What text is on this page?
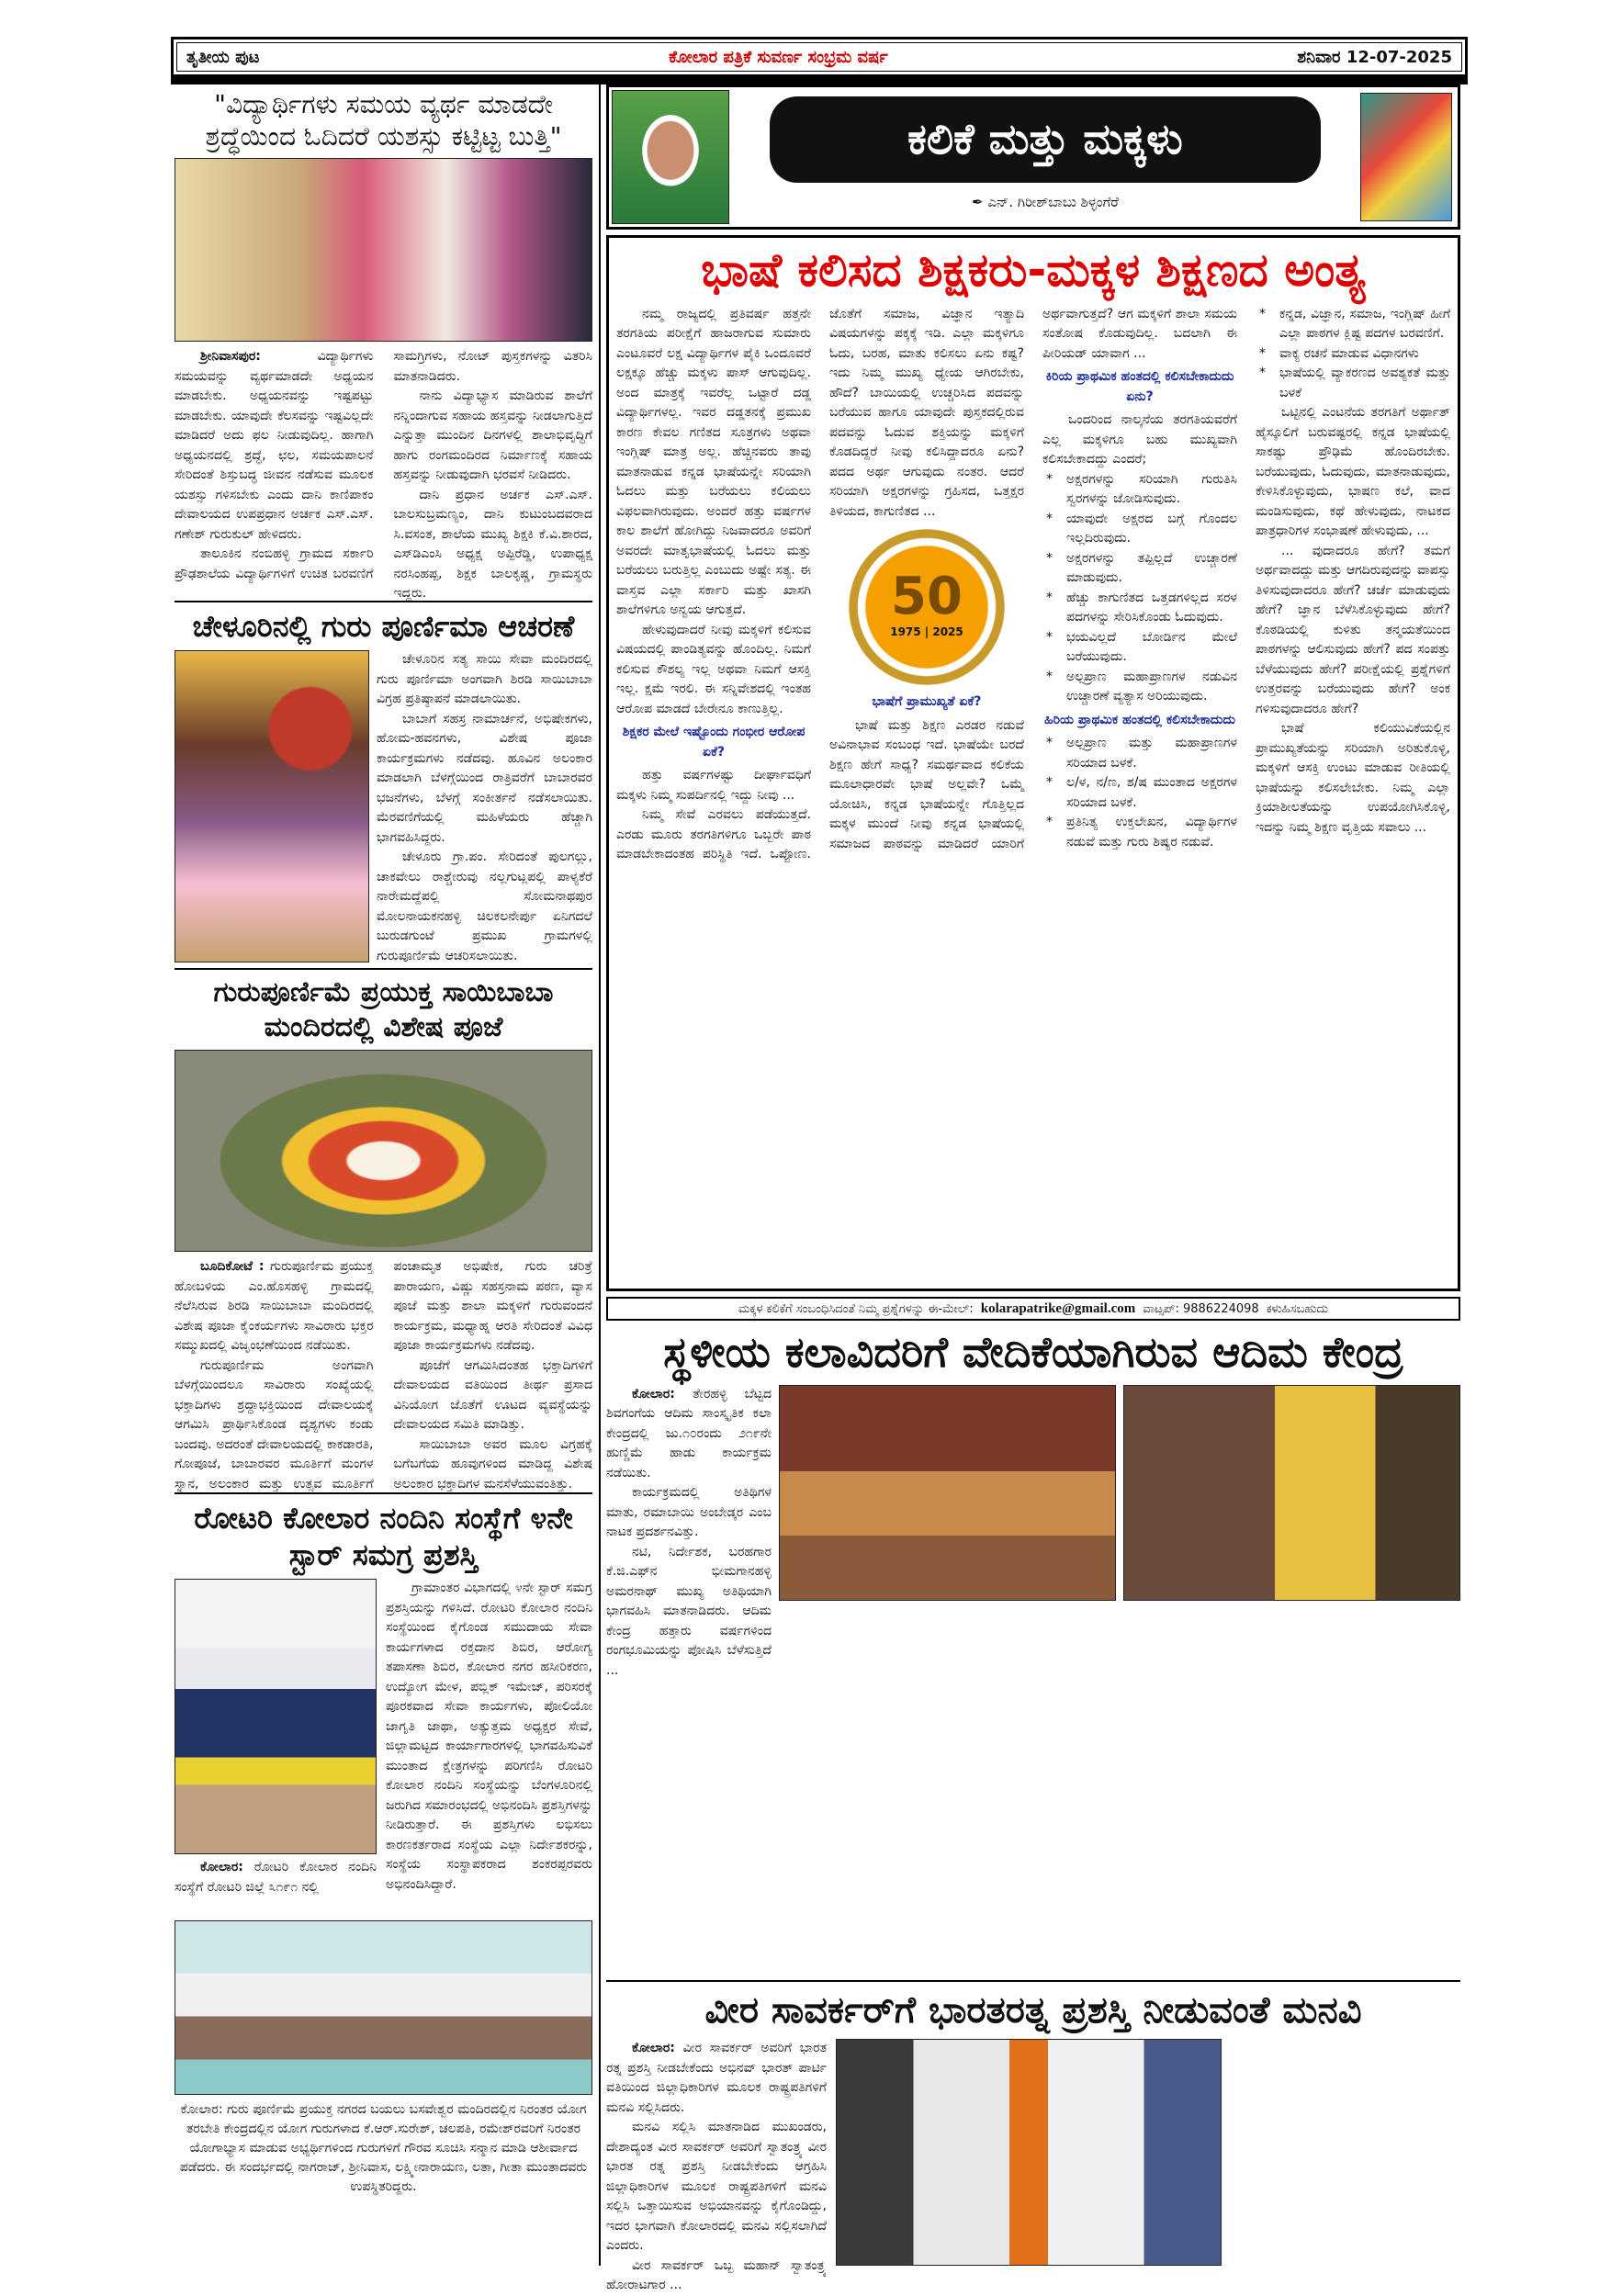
ತೃತೀಯ ಪುಟ	ಕೋಲಾರ ಪತ್ರಿಕೆ ಸುವರ್ಣ ಸಂಭ್ರಮ ವರ್ಷ	ಶನಿವಾರ 12-07-2025
"ವಿದ್ಯಾರ್ಥಿಗಳು ಸಮಯ ವ್ಯರ್ಥ ಮಾಡದೇ ಶ್ರದ್ಧೆಯಿಂದ ಓದಿದರೆ ಯಶಸ್ಸು ಕಟ್ಟಿಟ್ಟ ಬುತ್ತಿ"

ಶ್ರೀನಿವಾಸಪುರ: ವಿದ್ಯಾರ್ಥಿಗಳು ಸಮಯವನ್ನು ವ್ಯರ್ಥಮಾಡದೇ ಅಧ್ಯಯನ ಮಾಡಬೇಕು. ಅಧ್ಯಯನವನ್ನು ಇಷ್ಟಪಟ್ಟು ಮಾಡಬೇಕು. ಯಾವುದೇ ಕೆಲಸವನ್ನು ಇಷ್ಟವಿಲ್ಲದೇ ಮಾಡಿದರೆ ಅದು ಫಲ ನೀಡುವುದಿಲ್ಲ. ಹಾಗಾಗಿ ಅಧ್ಯಯನದಲ್ಲಿ ಶ್ರದ್ಧೆ, ಛಲ, ಸಮಯಪಾಲನೆ ಸೇರಿದಂತೆ ಶಿಸ್ತುಬದ್ಧ ಜೀವನ ನಡೆಸುವ ಮೂಲಕ ಯಶಸ್ಸು ಗಳಿಸಬೇಕು ಎಂದು ದಾನಿ ಕಾಣಿಪಾಕಂ ದೇವಾಲಯದ ಉಪಪ್ರಧಾನ ಅರ್ಚಕ ಎಸ್.ಎಸ್. ಗಣೇಶ್ ಗುರುಕುಲ್ ಹೇಳಿದರು.

ತಾಲೂಕಿನ ನಂಬಿಹಳ್ಳಿ ಗ್ರಾಮದ ಸರ್ಕಾರಿ ಪ್ರೌಢಶಾಲೆಯ ವಿದ್ಯಾರ್ಥಿಗಳಿಗೆ ಉಚಿತ ಬರವಣಿಗೆ ಸಾಮಗ್ರಿಗಳು, ನೋಟ್ ಪುಸ್ತಕಗಳನ್ನು ವಿತರಿಸಿ ಮಾತನಾಡಿದರು.

ನಾನು ವಿದ್ಯಾಭ್ಯಾಸ ಮಾಡಿರುವ ಶಾಲೆಗೆ ನನ್ನಿಂದಾಗುವ ಸಹಾಯ ಹಸ್ತವನ್ನು ನೀಡಲಾಗುತ್ತಿದೆ ಎನ್ನುತ್ತಾ ಮುಂದಿನ ದಿನಗಳಲ್ಲಿ ಶಾಲಾಭಿವೃದ್ಧಿಗೆ ಹಾಗು ರಂಗಮಂದಿರದ ನಿರ್ಮಾಣಕ್ಕೆ ಸಹಾಯ ಹಸ್ತವನ್ನು ನೀಡುವುದಾಗಿ ಭರವಸೆ ನೀಡಿದರು.

ದಾನಿ ಪ್ರಧಾನ ಅರ್ಚಕ ಎಸ್.ಎಸ್. ಬಾಲಸುಬ್ರಮಣ್ಯಂ, ದಾನಿ ಕುಟುಂಬದವರಾದ ಸಿ.ವಸಂತ, ಶಾಲೆಯ ಮುಖ್ಯ ಶಿಕ್ಷಕಿ ಕೆ.ವಿ.ಶಾರದ, ಎಸ್‌ಡಿಎಂಸಿ ಅಧ್ಯಕ್ಷ ಅಪ್ಪಿರೆಡ್ಡಿ, ಉಪಾಧ್ಯಕ್ಷ ನರಸಿಂಹಪ್ಪ, ಶಿಕ್ಷಕ ಬಾಲಕೃಷ್ಣ, ಗ್ರಾಮಸ್ಥರು ಇದ್ದರು.

ಚೇಳೂರಿನಲ್ಲಿ ಗುರು ಪೂರ್ಣಿಮಾ ಆಚರಣೆ

ಚೇಳೂರಿನ ಸತ್ಯ ಸಾಯಿ ಸೇವಾ ಮಂದಿರದಲ್ಲಿ ಗುರು ಪೂರ್ಣಿಮಾ ಅಂಗವಾಗಿ ಶಿರಡಿ ಸಾಯಿಬಾಬಾ ವಿಗ್ರಹ ಪ್ರತಿಷ್ಠಾಪನೆ ಮಾಡಲಾಯಿತು.

ಬಾಬಾಗೆ ಸಹಸ್ರ ನಾಮಾರ್ಚನೆ, ಅಭಿಷೇಕಗಳು, ಹೋಮ-ಹವನಗಳು, ವಿಶೇಷ ಪೂಜಾ ಕಾರ್ಯಕ್ರಮಗಳು ನಡೆದವು. ಹೂವಿನ ಅಲಂಕಾರ ಮಾಡಲಾಗಿ ಬೆಳಗ್ಗೆಯಿಂದ ರಾತ್ರಿವರೆಗೆ ಬಾಬಾರವರ ಭಜನೆಗಳು, ಬೆಳಗ್ಗೆ ಸಂಕೀರ್ತನೆ ನಡೆಸಲಾಯಿತು. ಮೆರವಣಿಗೆಯಲ್ಲಿ ಮಹಿಳೆಯರು ಹೆಚ್ಚಾಗಿ ಭಾಗವಹಿಸಿದ್ದರು.

ಚೇಳೂರು ಗ್ರಾ.ಪಂ. ಸೇರಿದಂತೆ ಪುಲಗಲ್ಲು, ಚಾಕವೇಲು ರಾಶ್ಚೇರುವು ನಲ್ಲಗುಟ್ಲಪಲ್ಲಿ ಪಾಳ್ಯಕೆರೆ ನಾರೇಮದ್ದೆಪಲ್ಲಿ ಸೋಮನಾಥಪುರ ಮೋಲನಾಯಕನಹಳ್ಳಿ ಚಿಲಕಲನೇರ್ಪು ಏನಿಗದಲೆ ಬುರುಡಗುಂಟೆ ಪ್ರಮುಖ ಗ್ರಾಮಗಳಲ್ಲಿ ಗುರುಪೂರ್ಣಿಮೆ ಆಚರಿಸಲಾಯಿತು.

ಗುರುಪೂರ್ಣಿಮೆ ಪ್ರಯುಕ್ತ ಸಾಯಿಬಾಬಾ ಮಂದಿರದಲ್ಲಿ ವಿಶೇಷ ಪೂಜೆ

ಬೂದಿಕೋಟೆ : ಗುರುಪೂರ್ಣಿಮ ಪ್ರಯುಕ್ತ ಹೋಬಳಿಯ ಎಂ.ಹೊಸಹಳ್ಳಿ ಗ್ರಾಮದಲ್ಲಿ ನೆಲೆಸಿರುವ ಶಿರಡಿ ಸಾಯಿಬಾಬಾ ಮಂದಿರದಲ್ಲಿ ವಿಶೇಷ ಪೂಜಾ ಕೈಂಕರ್ಯಗಳು ಸಾವಿರಾರು ಭಕ್ತರ ಸಮ್ಮುಖದಲ್ಲಿ ವಿಜೃಂಭಣೆಯಿಂದ ನಡೆಯಿತು.

ಗುರುಪೂರ್ಣಿಮ ಅಂಗವಾಗಿ ಬೆಳಗ್ಗೆಯಿಂದಲೂ ಸಾವಿರಾರು ಸಂಖ್ಯೆಯಲ್ಲಿ ಭಕ್ತಾದಿಗಳು ಶ್ರದ್ಧಾಭಕ್ತಿಯಿಂದ ದೇವಾಲಯಕ್ಕೆ ಆಗಮಿಸಿ ಪ್ರಾರ್ಥಿಸಿಕೊಂಡ ದೃಶ್ಯಗಳು ಕಂಡು ಬಂದವು. ಅದರಂತೆ ದೇವಾಲಯದಲ್ಲಿ ಕಾಕಡಾರತಿ, ಗೋಪೂಜೆ, ಬಾಬಾರವರ ಮೂರ್ತಿಗೆ ಮಂಗಳ ಸ್ನಾನ, ಅಲಂಕಾರ ಮತ್ತು ಉತ್ಸವ ಮೂರ್ತಿಗೆ ಪಂಚಾಮೃತ ಅಭಿಷೇಕ, ಗುರು ಚರಿತ್ರೆ ಪಾರಾಯಣ, ವಿಷ್ಣು ಸಹಸ್ರನಾಮ ಪಠಣ, ವ್ಯಾಸ ಪೂಜೆ ಮತ್ತು ಶಾಲಾ ಮಕ್ಕಳಿಗೆ ಗುರುವಂದನೆ ಕಾರ್ಯಕ್ರಮ, ಮಧ್ಯಾಹ್ನ ಆರತಿ ಸೇರಿದಂತೆ ವಿವಿಧ ಪೂಜಾ ಕಾರ್ಯಕ್ರಮಗಳು ನಡೆದವು.

ಪೂಜೆಗೆ ಆಗಮಿಸಿದಂತಹ ಭಕ್ತಾದಿಗಳಿಗೆ ದೇವಾಲಯದ ವತಿಯಿಂದ ತೀರ್ಥ ಪ್ರಸಾದ ವಿನಿಯೋಗ ಜೊತೆಗೆ ಊಟದ ವ್ಯವಸ್ಥೆಯನ್ನು ದೇವಾಲಯದ ಸಮಿತಿ ಮಾಡಿತ್ತು.

ಸಾಯಿಬಾಬಾ ಅವರ ಮೂಲ ವಿಗ್ರಹಕ್ಕೆ ಬಗೆಬಗೆಯ ಹೂವುಗಳಿಂದ ಮಾಡಿದ್ದ ವಿಶೇಷ ಅಲಂಕಾರ ಭಕ್ತಾದಿಗಳ ಮನಸೆಳೆಯುವಂತಿತ್ತು.

ರೋಟರಿ ಕೋಲಾರ ನಂದಿನಿ ಸಂಸ್ಥೆಗೆ ೪ನೇ ಸ್ಟಾರ್ ಸಮಗ್ರ ಪ್ರಶಸ್ತಿ

ಕೋಲಾರ: ರೋಟರಿ ಕೋಲಾರ ನಂದಿನಿ ಸಂಸ್ಥೆಗೆ ರೋಟರಿ ಜಿಲ್ಲೆ ೩೧೯೧ ನಲ್ಲಿ

ಗ್ರಾಮಾಂತರ ವಿಭಾಗದಲ್ಲಿ ೪ನೇ ಸ್ಟಾರ್ ಸಮಗ್ರ ಪ್ರಶಸ್ತಿಯನ್ನು ಗಳಿಸಿದೆ. ರೋಟರಿ ಕೋಲಾರ ನಂದಿನಿ ಸಂಸ್ಥೆಯಿಂದ ಕೈಗೊಂಡ ಸಮುದಾಯ ಸೇವಾ ಕಾರ್ಯಗಳಾದ ರಕ್ತದಾನ ಶಿಬಿರ, ಆರೋಗ್ಯ ತಪಾಸಣಾ ಶಿಬಿರ, ಕೋಲಾರ ನಗರ ಹಸೀರಿಕರಣ, ಉದ್ಯೋಗ ಮೇಳ, ಪಬ್ಲಿಕ್ ಇಮೇಜ್, ಪರಿಸರಕ್ಕೆ ಪೂರಕವಾದ ಸೇವಾ ಕಾರ್ಯಗಳು, ಪೋಲಿಯೋ ಜಾಗೃತಿ ಜಾಥಾ, ಅತ್ಯುತ್ತಮ ಅಧ್ಯಕ್ಷರ ಸೇವೆ, ಜಿಲ್ಲಾಮಟ್ಟದ ಕಾರ್ಯಾಗಾರಗಳಲ್ಲಿ ಭಾಗವಹಿಸುವಿಕೆ ಮುಂತಾದ ಕ್ಷೇತ್ರಗಳನ್ನು ಪರಿಗಣಿಸಿ ರೋಟರಿ ಕೋಲಾರ ನಂದಿನಿ ಸಂಸ್ಥೆಯನ್ನು ಬೆಂಗಳೂರಿನಲ್ಲಿ ಜರುಗಿದ ಸಮಾರಂಭದಲ್ಲಿ ಅಭಿನಂದಿಸಿ ಪ್ರಶಸ್ತಿಗಳನ್ನು ನೀಡಿರುತ್ತಾರೆ. ಈ ಪ್ರಶಸ್ತಿಗಳು ಲಭಿಸಲು ಕಾರಣಕರ್ತರಾದ ಸಂಸ್ಥೆಯ ಎಲ್ಲಾ ನಿರ್ದೇಶಕರನ್ನು, ಸಂಸ್ಥೆಯ ಸಂಸ್ಥಾಪಕರಾದ ಶಂಕರಪ್ಪರವರು ಅಭಿನಂದಿಸಿದ್ದಾರೆ.

ಕೋಲಾರ: ಗುರು ಪೂರ್ಣಿಮೆ ಪ್ರಯುಕ್ತ ನಗರದ ಬಯಲು ಬಸವೇಶ್ವರ ಮಂದಿರದಲ್ಲಿನ ನಿರಂತರ ಯೋಗ ತರಬೇತಿ ಕೇಂದ್ರದಲ್ಲಿನ ಯೋಗ ಗುರುಗಳಾದ ಕೆ.ಆರ್.ಸುರೇಶ್, ಚಲಪತಿ, ರಮೇಶ್‌ರವರಿಗೆ ನಿರಂತರ ಯೋಗಾಭ್ಯಾಸ ಮಾಡುವ ಅಭ್ಯರ್ಥಿಗಳಿಂದ ಗುರುಗಳಿಗೆ ಗೌರವ ಸೂಚಿಸಿ ಸನ್ಮಾನ ಮಾಡಿ ಆಶೀರ್ವಾದ ಪಡೆದರು. ಈ ಸಂದರ್ಭದಲ್ಲಿ ನಾಗರಾಜ್, ಶ್ರೀನಿವಾಸ, ಲಕ್ಷ್ಮೀನಾರಾಯಣ, ಲತಾ, ಗೀತಾ ಮುಂತಾದವರು ಉಪಸ್ಥಿತರಿದ್ದರು.

ಕಲಿಕೆ ಮತ್ತು ಮಕ್ಕಳು
✒ ಎನ್. ಗಿರೀಶ್‌ಬಾಬು ಶಿಳ್ಳಂಗೆರೆ
ಭಾಷೆ ಕಲಿಸದ ಶಿಕ್ಷಕರು-ಮಕ್ಕಳ ಶಿಕ್ಷಣದ ಅಂತ್ಯ

ನಮ್ಮ ರಾಜ್ಯದಲ್ಲಿ ಪ್ರತಿವರ್ಷ ಹತ್ತನೇ ತರಗತಿಯ ಪರೀಕ್ಷೆಗೆ ಹಾಜರಾಗುವ ಸುಮಾರು ಎಂಟೂವರೆ ಲಕ್ಷ ವಿದ್ಯಾರ್ಥಿಗಳ ಪೈಕಿ ಒಂದೂವರೆ ಲಕ್ಷಕ್ಕೂ ಹೆಚ್ಚು ಮಕ್ಕಳು ಪಾಸ್ ಆಗುವುದಿಲ್ಲ. ಅಂದ ಮಾತ್ರಕ್ಕೆ ಇವರೆಲ್ಲ ಒಟ್ಟಾರೆ ದಡ್ಡ ವಿದ್ಯಾರ್ಥಿಗಳಲ್ಲ. ಇವರ ದಡ್ಡತನಕ್ಕೆ ಪ್ರಮುಖ ಕಾರಣ ಕೇವಲ ಗಣಿತದ ಸೂತ್ರಗಳು ಅಥವಾ ಇಂಗ್ಲಿಷ್ ಮಾತ್ರ ಅಲ್ಲ. ಹೆಚ್ಚಿನವರು ತಾವು ಮಾತನಾಡುವ ಕನ್ನಡ ಭಾಷೆಯನ್ನೇ ಸರಿಯಾಗಿ ಓದಲು ಮತ್ತು ಬರೆಯಲು ಕಲಿಯಲು ವಿಫಲವಾಗಿರುವುದು. ಅಂದರೆ ಹತ್ತು ವರ್ಷಗಳ ಕಾಲ ಶಾಲೆಗೆ ಹೋಗಿದ್ದು ನಿಜವಾದರೂ ಅವರಿಗೆ ಅವರದೇ ಮಾತೃಭಾಷೆಯಲ್ಲಿ ಓದಲು ಮತ್ತು ಬರೆಯಲು ಬರುತ್ತಿಲ್ಲ ಎಂಬುದು ಅಷ್ಟೇ ಸತ್ಯ. ಈ ವಾಸ್ತವ ಎಲ್ಲಾ ಸರ್ಕಾರಿ ಮತ್ತು ಖಾಸಗಿ ಶಾಲೆಗಳಿಗೂ ಅನ್ವಯ ಆಗುತ್ತದೆ.

ಹೇಳುವುದಾದರೆ ನೀವು ಮಕ್ಕಳಿಗೆ ಕಲಿಸುವ ವಿಷಯದಲ್ಲಿ ಪಾಂಡಿತ್ಯವನ್ನು ಹೊಂದಿಲ್ಲ. ನಿಮಗೆ ಕಲಿಸುವ ಕೌಶಲ್ಯ ಇಲ್ಲ ಅಥವಾ ನಿಮಗೆ ಆಸಕ್ತಿ ಇಲ್ಲ. ಕ್ಷಮೆ ಇರಲಿ. ಈ ಸನ್ನಿವೇಶದಲ್ಲಿ ಇಂತಹ ಆರೋಪ ಮಾಡದೆ ಬೇರೇನೂ ಕಾಣುತ್ತಿಲ್ಲ.

ಶಿಕ್ಷಕರ ಮೇಲೆ ಇಷ್ಟೊಂದು ಗಂಭೀರ ಆರೋಪ ಏಕೆ?

ಹತ್ತು ವರ್ಷಗಳಷ್ಟು ದೀರ್ಘಾವಧಿಗೆ ಮಕ್ಕಳು ನಿಮ್ಮ ಸುಪರ್ದಿನಲ್ಲಿ ಇದ್ದು ನೀವು ...

ನಿಮ್ಮ ಸೇವೆ ಎರವಲು ಪಡೆಯುತ್ತದೆ. ಎರಡು ಮೂರು ತರಗತಿಗಳಿಗೂ ಒಬ್ಬರೇ ಪಾಠ ಮಾಡಬೇಕಾದಂತಹ ಪರಿಸ್ಥಿತಿ ಇದೆ. ಒಪ್ಪೋಣ. ಜೊತೆಗೆ ಸಮಾಜ, ವಿಜ್ಞಾನ ಇತ್ಯಾದಿ ವಿಷಯಗಳನ್ನು ಪಕ್ಕಕ್ಕೆ ಇಡಿ. ಎಲ್ಲಾ ಮಕ್ಕಳಿಗೂ ಓದು, ಬರಹ, ಮಾತು ಕಲಿಸಲು ಏನು ಕಷ್ಟ? ಇದು ನಿಮ್ಮ ಮುಖ್ಯ ಧ್ಯೇಯ ಆಗಿರಬೇಕು, ಹೌದೆ? ಬಾಯಿಯಲ್ಲಿ ಉಚ್ಚರಿಸಿದ ಪದವನ್ನು ಬರೆಯುವ ಹಾಗೂ ಯಾವುದೇ ಪುಸ್ತಕದಲ್ಲಿರುವ ಪದವನ್ನು ಓದುವ ಶಕ್ತಿಯನ್ನು ಮಕ್ಕಳಿಗೆ ಕೊಡದಿದ್ದರೆ ನೀವು ಕಲಿಸಿದ್ದಾದರೂ ಏನು? ಪದದ ಅರ್ಥ ಆಗುವುದು ನಂತರ. ಆದರೆ ಸರಿಯಾಗಿ ಅಕ್ಷರಗಳನ್ನು ಗ್ರಹಿಸದ, ಒತ್ತಕ್ಷರ ತಿಳಿಯದ, ಕಾಗುಣಿತದ ...

50
1975 | 2025

ಭಾಷೆಗೆ ಪ್ರಾಮುಖ್ಯತೆ ಏಕೆ?

ಭಾಷೆ ಮತ್ತು ಶಿಕ್ಷಣ ಎರಡರ ನಡುವೆ ಅವಿನಾಭಾವ ಸಂಬಂಧ ಇದೆ. ಭಾಷೆಯೇ ಬರದೆ ಶಿಕ್ಷಣ ಹೇಗೆ ಸಾಧ್ಯ? ಸಮರ್ಥವಾದ ಕಲಿಕೆಯ ಮೂಲಾಧಾರವೇ ಭಾಷೆ ಅಲ್ಲವೇ? ಒಮ್ಮೆ ಯೋಚಿಸಿ, ಕನ್ನಡ ಭಾಷೆಯನ್ನೇ ಗೊತ್ತಿಲ್ಲದ ಮಕ್ಕಳ ಮುಂದೆ ನೀವು ಕನ್ನಡ ಭಾಷೆಯಲ್ಲಿ ಸಮಾಜದ ಪಾಠವನ್ನು ಮಾಡಿದರೆ ಯಾರಿಗೆ ಅರ್ಥವಾಗುತ್ತದೆ? ಆಗ ಮಕ್ಕಳಿಗೆ ಶಾಲಾ ಸಮಯ ಸಂತೋಷ ಕೊಡುವುದಿಲ್ಲ. ಬದಲಾಗಿ ಈ ಪೀರಿಯಡ್ ಯಾವಾಗ ...

ಕಿರಿಯ ಪ್ರಾಥಮಿಕ ಹಂತದಲ್ಲಿ ಕಲಿಸಬೇಕಾದುದು ಏನು?

ಒಂದರಿಂದ ನಾಲ್ಕನೆಯ ತರಗತಿಯವರೆಗೆ ಎಲ್ಲ ಮಕ್ಕಳಿಗೂ ಬಹು ಮುಖ್ಯವಾಗಿ ಕಲಿಸಬೇಕಾದದ್ದು ಎಂದರೆ;

* ಅಕ್ಷರಗಳನ್ನು ಸರಿಯಾಗಿ ಗುರುತಿಸಿ ಸ್ವರಗಳನ್ನು ಜೋಡಿಸುವುದು.

* ಯಾವುದೇ ಅಕ್ಷರದ ಬಗ್ಗೆ ಗೊಂದಲ ಇಲ್ಲದಿರುವುದು.

* ಅಕ್ಷರಗಳನ್ನು ತಪ್ಪಿಲ್ಲದೆ ಉಚ್ಚಾರಣೆ ಮಾಡುವುದು.

* ಹೆಚ್ಚು ಕಾಗುಣಿತದ ಒತ್ತಡಗಳಿಲ್ಲದ ಸರಳ ಪದಗಳನ್ನು ಸೇರಿಸಿಕೊಂಡು ಓದುವುದು.

* ಭಯವಿಲ್ಲದೆ ಬೋರ್ಡಿನ ಮೇಲೆ ಬರೆಯುವುದು.

* ಅಲ್ಪಪ್ರಾಣ ಮಹಾಪ್ರಾಣಗಳ ನಡುವಿನ ಉಚ್ಚಾರಣೆ ವ್ಯತ್ಯಾಸ ಅರಿಯುವುದು.

ಹಿರಿಯ ಪ್ರಾಥಮಿಕ ಹಂತದಲ್ಲಿ ಕಲಿಸಬೇಕಾದುದು

* ಅಲ್ಪಪ್ರಾಣ ಮತ್ತು ಮಹಾಪ್ರಾಣಗಳ ಸರಿಯಾದ ಬಳಕೆ.

* ಲ/ಳ, ನ/ಣ, ಶ/ಷ ಮುಂತಾದ ಅಕ್ಷರಗಳ ಸರಿಯಾದ ಬಳಕೆ.

* ಪ್ರತಿನಿತ್ಯ ಉಕ್ತಲೇಖನ, ವಿದ್ಯಾರ್ಥಿಗಳ ನಡುವೆ ಮತ್ತು ಗುರು ಶಿಷ್ಯರ ನಡುವೆ.

* ಕನ್ನಡ, ವಿಜ್ಞಾನ, ಸಮಾಜ, ಇಂಗ್ಲಿಷ್ ಹೀಗೆ ಎಲ್ಲಾ ಪಾಠಗಳ ಕ್ಲಿಷ್ಟ ಪದಗಳ ಬರವಣಿಗೆ.

* ವಾಕ್ಯ ರಚನೆ ಮಾಡುವ ವಿಧಾನಗಳು

* ಭಾಷೆಯಲ್ಲಿ ವ್ಯಾಕರಣದ ಅವಶ್ಯಕತೆ ಮತ್ತು ಬಳಕೆ

ಒಟ್ಟಿನಲ್ಲಿ ಎಂಟನೆಯ ತರಗತಿಗೆ ಅರ್ಥಾತ್ ಹೈಸ್ಕೂಲಿಗೆ ಬರುವಷ್ಟರಲ್ಲಿ ಕನ್ನಡ ಭಾಷೆಯಲ್ಲಿ ಸಾಕಷ್ಟು ಪ್ರೌಢಿಮೆ ಹೊಂದಿರಬೇಕು. ಬರೆಯುವುದು, ಓದುವುದು, ಮಾತನಾಡುವುದು, ಕೇಳಿಸಿಕೊಳ್ಳುವುದು, ಭಾಷಣ ಕಲೆ, ವಾದ ಮಂಡಿಸುವುದು, ಕಥೆ ಹೇಳುವುದು, ನಾಟಕದ ಪಾತ್ರಧಾರಿಗಳ ಸಂಭಾಷಣೆ ಹೇಳುವುದು, ...

... ವುದಾದರೂ ಹೇಗೆ? ತಮಗೆ ಅರ್ಥವಾದದ್ದು ಮತ್ತು ಆಗದಿರುವುದನ್ನು ವಾಪಸ್ಸು ತಿಳಿಸುವುದಾದರೂ ಹೇಗೆ? ಚರ್ಚೆ ಮಾಡುವುದು ಹೇಗೆ? ಜ್ಞಾನ ಬೆಳೆಸಿಕೊಳ್ಳುವುದು ಹೇಗೆ? ಕೊಠಡಿಯಲ್ಲಿ ಕುಳಿತು ತನ್ಮಯತೆಯಿಂದ ಪಾಠಗಳನ್ನು ಆಲಿಸುವುದು ಹೇಗೆ? ಪದ ಸಂಪತ್ತು ಬೆಳೆಯುವುದು ಹೇಗೆ? ಪರೀಕ್ಷೆಯಲ್ಲಿ ಪ್ರಶ್ನೆಗಳಿಗೆ ಉತ್ತರವನ್ನು ಬರೆಯುವುದು ಹೇಗೆ? ಅಂಕ ಗಳಿಸುವುದಾದರೂ ಹೇಗೆ?

ಭಾಷೆ ಕಲಿಯುವಿಕೆಯಲ್ಲಿನ ಪ್ರಾಮುಖ್ಯತೆಯನ್ನು ಸರಿಯಾಗಿ ಅರಿತುಕೊಳ್ಳಿ, ಮಕ್ಕಳಿಗೆ ಆಸಕ್ತಿ ಉಂಟು ಮಾಡುವ ರೀತಿಯಲ್ಲಿ ಭಾಷೆಯನ್ನು ಕಲಿಸಲೇಬೇಕು. ನಿಮ್ಮ ಎಲ್ಲಾ ಕ್ರಿಯಾಶೀಲತೆಯನ್ನು ಉಪಯೋಗಿಸಿಕೊಳ್ಳಿ, ಇದನ್ನು ನಿಮ್ಮ ಶಿಕ್ಷಣ ವೃತ್ತಿಯ ಸವಾಲು ...

ಮಕ್ಕಳ ಕಲಿಕೆಗೆ ಸಂಬಂಧಿಸಿದಂತೆ ನಿಮ್ಮ ಪ್ರಶ್ನೆಗಳನ್ನು ಈ-ಮೇಲ್: kolarapatrike@gmail.com ವಾಟ್ಸಪ್: 9886224098 ಕಳುಹಿಸಬಹುದು
ಸ್ಥಳೀಯ ಕಲಾವಿದರಿಗೆ ವೇದಿಕೆಯಾಗಿರುವ ಆದಿಮ ಕೇಂದ್ರ

ಕೋಲಾರ: ತೇರಹಳ್ಳಿ ಬೆಟ್ಟದ ಶಿವಗಂಗೆಯ ಆದಿಮ ಸಾಂಸ್ಕೃತಿಕ ಕಲಾ ಕೇಂದ್ರದಲ್ಲಿ ಜು.೧೦ರಂದು ೨೧೯ನೇ ಹುಣ್ಣಿಮೆ ಹಾಡು ಕಾರ್ಯಕ್ರಮ ನಡೆಯಿತು.

ಕಾರ್ಯಕ್ರಮದಲ್ಲಿ ಅತಿಥಿಗಳ ಮಾತು, ರಮಾಬಾಯಿ ಅಂಬೇಡ್ಕರ ಎಂಬ ನಾಟಕ ಪ್ರದರ್ಶನವಿತ್ತು.

ನಟಿ, ನಿರ್ದೇಶಕ, ಬರಹಗಾರ ಕೆ.ಜಿ.ಎಫ್‌ನ ಭೀಮಗಾನಹಳ್ಳಿ ಅಮರನಾಥ್ ಮುಖ್ಯ ಅತಿಥಿಯಾಗಿ ಭಾಗವಹಿಸಿ ಮಾತನಾಡಿದರು. ಆದಿಮ ಕೇಂದ್ರ ಹತ್ತಾರು ವರ್ಷಗಳಿಂದ ರಂಗಭೂಮಿಯನ್ನು ಪೋಷಿಸಿ ಬೆಳೆಸುತ್ತಿದೆ ...

ವೀರ ಸಾವರ್ಕರ್‌ಗೆ ಭಾರತರತ್ನ ಪ್ರಶಸ್ತಿ ನೀಡುವಂತೆ ಮನವಿ

ಕೋಲಾರ: ವೀರ ಸಾವರ್ಕರ್ ಅವರಿಗೆ ಭಾರತ ರತ್ನ ಪ್ರಶಸ್ತಿ ನೀಡಬೇಕೆಂದು ಅಭಿನವ್ ಭಾರತ್ ಪಾರ್ಟಿ ವತಿಯಿಂದ ಜಿಲ್ಲಾಧಿಕಾರಿಗಳ ಮೂಲಕ ರಾಷ್ಟ್ರಪತಿಗಳಿಗೆ ಮನವಿ ಸಲ್ಲಿಸಿದರು.

ಮನವಿ ಸಲ್ಲಿಸಿ ಮಾತನಾಡಿದ ಮುಖಂಡರು, ದೇಶಾದ್ಯಂತ ವೀರ ಸಾವರ್ಕರ್ ಅವರಿಗೆ ಸ್ವಾತಂತ್ರ್ಯ ವೀರ ಭಾರತ ರತ್ನ ಪ್ರಶಸ್ತಿ ನೀಡಬೇಕೆಂದು ಆಗ್ರಹಿಸಿ ಜಿಲ್ಲಾಧಿಕಾರಿಗಳ ಮೂಲಕ ರಾಷ್ಟ್ರಪತಿಗಳಿಗೆ ಮನವಿ ಸಲ್ಲಿಸಿ ಒತ್ತಾಯಿಸುವ ಅಭಿಯಾನವನ್ನು ಕೈಗೊಂಡಿದ್ದು, ಇದರ ಭಾಗವಾಗಿ ಕೋಲಾರದಲ್ಲಿ ಮನವಿ ಸಲ್ಲಿಸಲಾಗಿದೆ ಎಂದರು.

ವೀರ ಸಾವರ್ಕರ್ ಒಬ್ಬ ಮಹಾನ್ ಸ್ವಾತಂತ್ರ್ಯ ಹೋರಾಟಗಾರ ...
